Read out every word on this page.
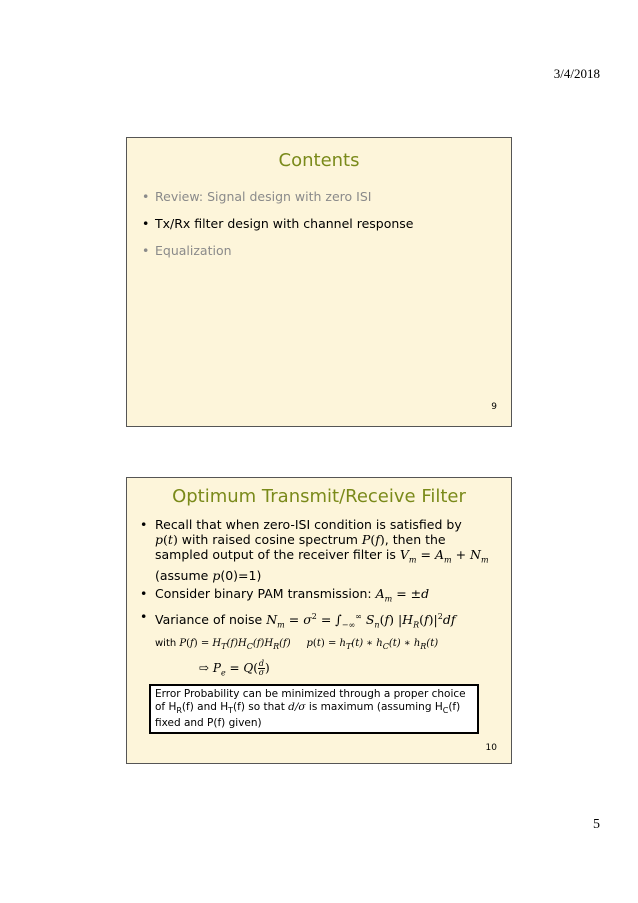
3/4/2018
Contents
• Review: Signal design with zero ISI
• Tx/Rx filter design with channel response
• Equalization
9
Optimum Transmit/Receive Filter
• Recall that when zero-ISI condition is satisfied by
p(t) with raised cosine spectrum P(f), then the
sampled output of the receiver filter is $V_m = A_m + N_m$
(assume p(0)=1)
• Consider binary PAM transmission: $A_m = \pm d$
• Variance of noise $N_m = \sigma^2 = \int_{-\infty}^\infty$ $S_n(f)$ $|H_R(f)|^2df$
with $P(f) = H_T(f)H_C(f)H_R(f) p(t) = h_T(t)$ ∗ $h_C(t)$ ∗ $h_R(t)$
⇨ $P_e = Q( \frac{d}{\sigma}$ )
Error Probability can be minimized through a proper choice of $H_R(f)$ and $H_T(f)$ so that d/σ is maximum (assuming $H_C(f)$ fixed and P(f) given)
10
5
